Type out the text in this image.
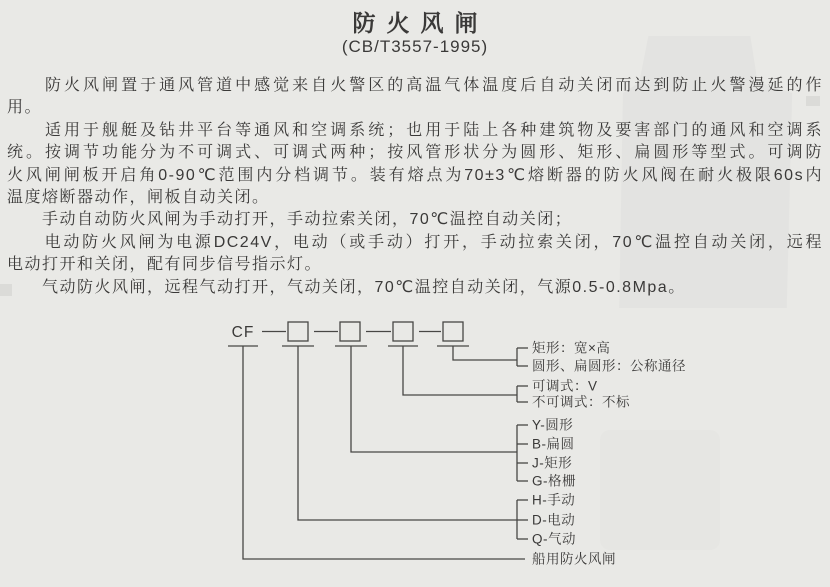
防火风闸
(CB/T3557-1995)
　　防火风闸置于通风管道中感觉来自火警区的高温气体温度后自动关闭而达到防止火警漫延的作
用。
　　适用于舰艇及钻井平台等通风和空调系统；也用于陆上各种建筑物及要害部门的通风和空调系
统。按调节功能分为不可调式、可调式两种；按风管形状分为圆形、矩形、扁圆形等型式。可调防
火风闸闸板开启角0-90℃范围内分档调节。装有熔点为70±3℃熔断器的防火风阀在耐火极限60s内
温度熔断器动作，闸板自动关闭。
　　手动自动防火风闸为手动打开，手动拉索关闭，70℃温控自动关闭；
　　电动防火风闸为电源DC24V，电动（或手动）打开，手动拉索关闭，70℃温控自动关闭，远程
电动打开和关闭，配有同步信号指示灯。
　　气动防火风闸，远程气动打开，气动关闭，70℃温控自动关闭，气源0.5-0.8Mpa。
CF
矩形：宽×高
圆形、扁圆形：公称通径
可调式：V
不可调式：不标
Y-圆形
B-扁圆
J-矩形
G-格栅
H-手动
D-电动
Q-气动
船用防火风闸
